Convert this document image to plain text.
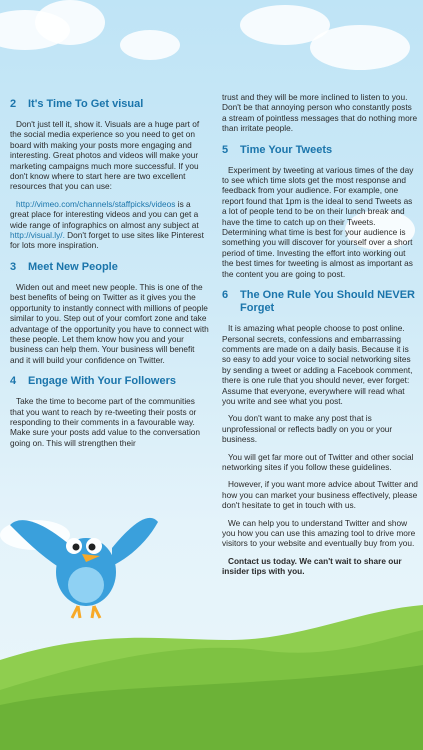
2	It's Time To Get visual

Don't just tell it, show it. Visuals are a huge part of the social media experience so you need to get on board with making your posts more engaging and interesting. Great photos and videos will make your marketing campaigns much more successful. If you don't know where to start here are two excellent resources that you can use:

http://vimeo.com/channels/staffpicks/videos is a great place for interesting videos and you can get a wide range of infographics on almost any subject at http://visual.ly/. Don't forget to use sites like Pinterest for lots more inspiration.

3	Meet New People

Widen out and meet new people. This is one of the best benefits of being on Twitter as it gives you the opportunity to instantly connect with millions of people similar to you. Step out of your comfort zone and take advantage of the opportunity you have to connect with these people. Let them know how you and your business can help them. Your business will benefit and it will build your confidence on Twitter.

4	Engage With Your Followers

Take the time to become part of the communities that you want to reach by re-tweeting their posts or responding to their comments in a favourable way. Make sure your posts add value to the conversation going on. This will strengthen their

trust and they will be more inclined to listen to you. Don't be that annoying person who constantly posts a stream of pointless messages that do nothing more than irritate people.

5	Time Your Tweets

Experiment by tweeting at various times of the day to see which time slots get the most response and feedback from your audience. For example, one report found that 1pm is the ideal to send Tweets as a lot of people tend to be on their lunch break and have the time to catch up on their Tweets. Determining what time is best for your audience is something you will discover for yourself over a short period of time. Investing the effort into working out the best times for tweeting is almost as important as the content you are going to post.

6	The One Rule You Should NEVER Forget

It is amazing what people choose to post online. Personal secrets, confessions and embarrassing comments are made on a daily basis. Because it is so easy to add your voice to social networking sites by sending a tweet or adding a Facebook comment, there is one rule that you should never, ever forget: Assume that everyone, everywhere will read what you write and see what you post.

You don't want to make any post that is unprofessional or reflects badly on you or your business.

You will get far more out of Twitter and other social networking sites if you follow these guidelines.

However, if you want more advice about Twitter and how you can market your business effectively, please don't hesitate to get in touch with us.

We can help you to understand Twitter and show you how you can use this amazing tool to drive more visitors to your website and eventually buy from you.

Contact us today. We can't wait to share our insider tips with you.
